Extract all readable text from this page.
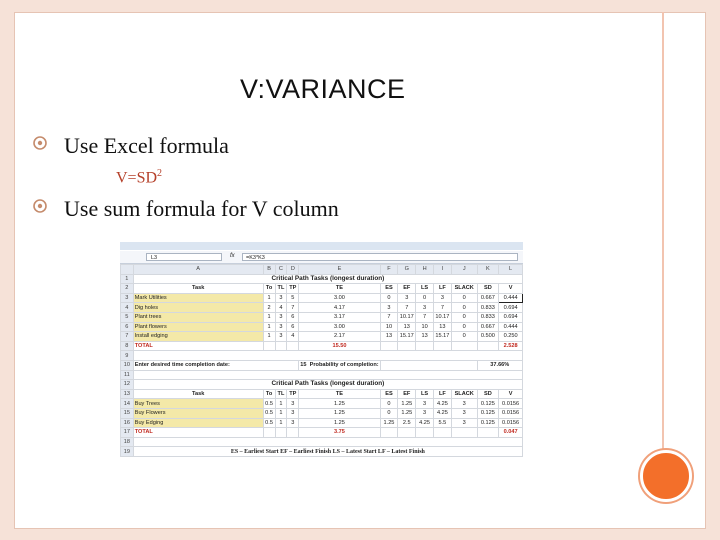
V:VARIANCE
Use Excel formula
$V=SD^2$
Use sum formula for V column
L3	fx	=K3*K3
	A	B	C	D	E	F	G	H	I	J	K	L
1	Critical Path Tasks (longest duration)											
2	Task	To	TL	TP	TE	ES	EF	LS	LF	SLACK	SD	V
3	Mark Utilities	1	3	5	3.00	0	3	0	3	0	0.667	0.444
4	Dig holes	2	4	7	4.17	3	7	3	7	0	0.833	0.694
5	Plant trees	1	3	6	3.17	7	10.17	7	10.17	0	0.833	0.694
6	Plant flowers	1	3	6	3.00	10	13	10	13	0	0.667	0.444
7	Install edging	1	3	4	2.17	13	15.17	13	15.17	0	0.500	0.250
8	TOTAL				15.50							2.528
9												
10	Enter desired time completion date:				15 Probability of completion:						37.66%	
11												
12	Critical Path Tasks (longest duration)											
13	Task	To	TL	TP	TE	ES	EF	LS	LF	SLACK	SD	V
14	Buy Trees	0.5	1	3	1.25	0	1.25	3	4.25	3	0.125	0.0156
15	Buy Flowers	0.5	1	3	1.25	0	1.25	3	4.25	3	0.125	0.0156
16	Buy Edging	0.5	1	3	1.25	1.25	2.5	4.25	5.5	3	0.125	0.0156
17	TOTAL				3.75							0.047
18												
19	ES – Earliest Start EF – Earliest Finish LS – Latest Start LF – Latest Finish											
